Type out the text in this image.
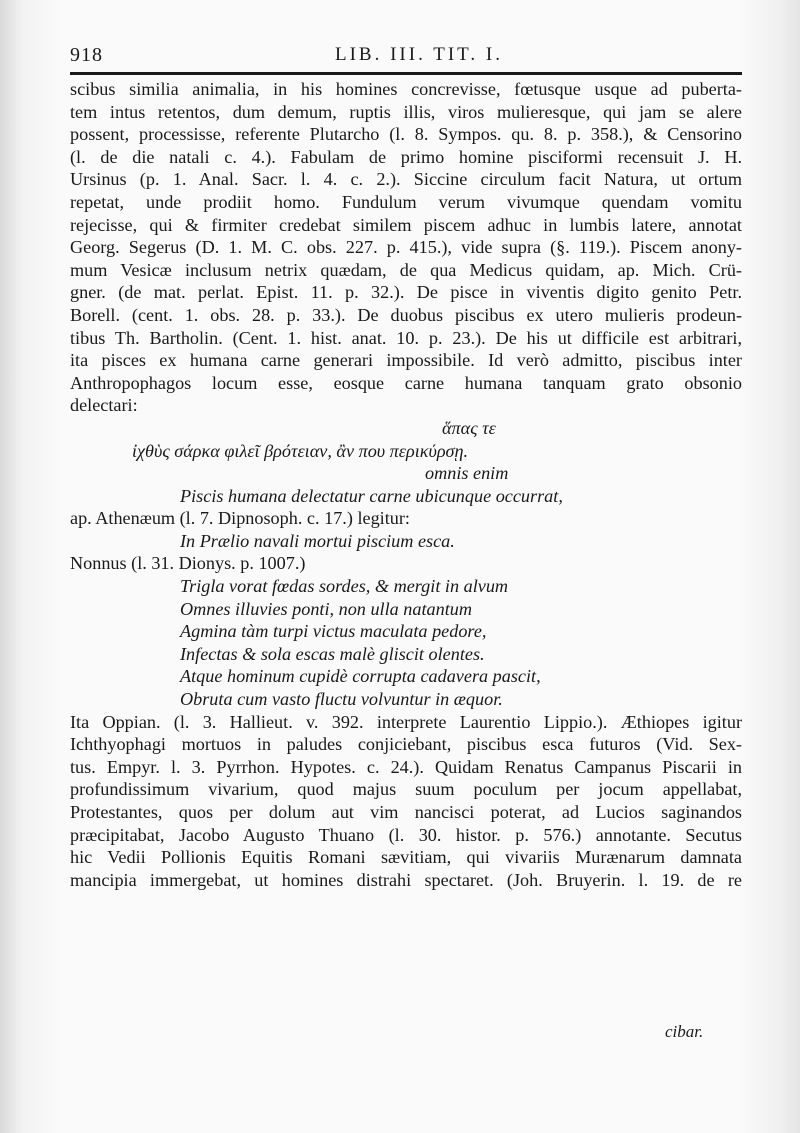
918	LIB. III. TIT. I.
scibus similia animalia, in his homines concrevisse, fœtusque usque ad puberta-
tem intus retentos, dum demum, ruptis illis, viros mulieresque, qui jam se alere
possent, processisse, referente Plutarcho (l. 8. Sympos. qu. 8. p. 358.), & Censorino
(l. de die natali c. 4.). Fabulam de primo homine pisciformi recensuit J. H.
Ursinus (p. 1. Anal. Sacr. l. 4. c. 2.). Siccine circulum facit Natura, ut ortum
repetat, unde prodiit homo. Fundulum verum vivumque quendam vomitu
rejecisse, qui & firmiter credebat similem piscem adhuc in lumbis latere, annotat
Georg. Segerus (D. 1. M. C. obs. 227. p. 415.), vide supra (§. 119.). Piscem anony-
mum Vesicæ inclusum netrix quædam, de qua Medicus quidam, ap. Mich. Crü-
gner. (de mat. perlat. Epist. 11. p. 32.). De pisce in viventis digito genito Petr.
Borell. (cent. 1. obs. 28. p. 33.). De duobus piscibus ex utero mulieris prodeun-
tibus Th. Bartholin. (Cent. 1. hist. anat. 10. p. 23.). De his ut difficile est arbitrari,
ita pisces ex humana carne generari impossibile. Id verò admitto, piscibus inter
Anthropophagos locum esse, eosque carne humana tanquam grato obsonio
delectari:
ἅπας τε
ἰχθὺς σάρκα φιλεῖ βρότειαν, ἂν που περικύρσῃ.
omnis enim
Piscis humana delectatur carne ubicunque occurrat,
ap. Athenæum (l. 7. Dipnosoph. c. 17.) legitur:
In Prælio navali mortui piscium esca.
Nonnus (l. 31. Dionys. p. 1007.)
Trigla vorat fœdas sordes, & mergit in alvum
Omnes illuvies ponti, non ulla natantum
Agmina tàm turpi victus maculata pedore,
Infectas & sola escas malè gliscit olentes.
Atque hominum cupidè corrupta cadavera pascit,
Obruta cum vasto fluctu volvuntur in æquor.
Ita Oppian. (l. 3. Hallieut. v. 392. interprete Laurentio Lippio.). Æthiopes igitur
Ichthyophagi mortuos in paludes conjiciebant, piscibus esca futuros (Vid. Sex-
tus. Empyr. l. 3. Pyrrhon. Hypotes. c. 24.). Quidam Renatus Campanus Piscarii in
profundissimum vivarium, quod majus suum poculum per jocum appellabat,
Protestantes, quos per dolum aut vim nancisci poterat, ad Lucios saginandos
præcipitabat, Jacobo Augusto Thuano (l. 30. histor. p. 576.) annotante. Secutus
hic Vedii Pollionis Equitis Romani sævitiam, qui vivariis Murænarum damnata
mancipia immergebat, ut homines distrahi spectaret. (Joh. Bruyerin. l. 19. de re
cibar.
